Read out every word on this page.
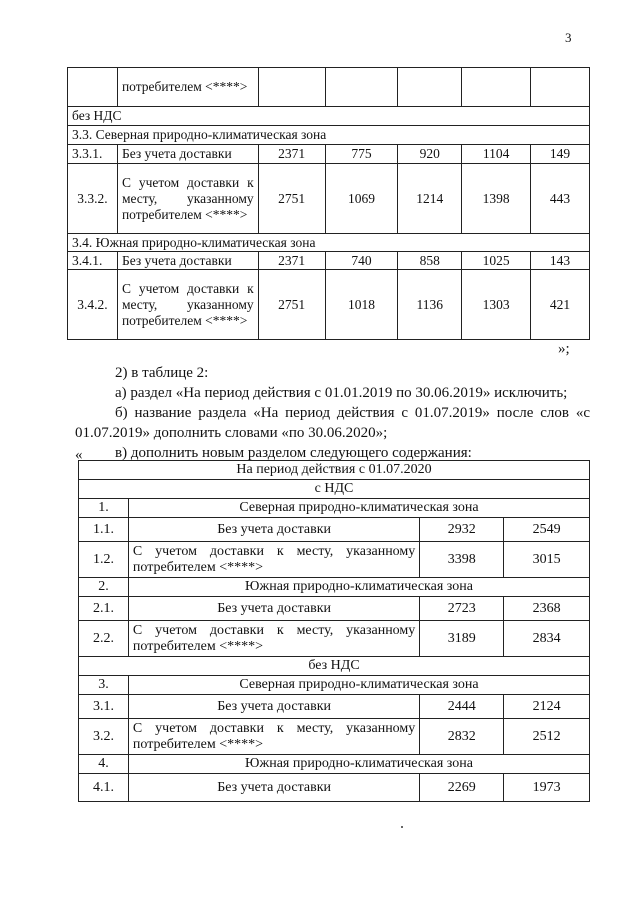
3
	потребителем <****>					
без НДС						
3.3. Северная природно-климатическая зона						
3.3.1.	Без учета доставки	2371	775	920	1104	149
3.3.2.	С учетом доставки к месту, указанному потребителем <****>	2751	1069	1214	1398	443
3.4. Южная природно-климатическая зона						
3.4.1.	Без учета доставки	2371	740	858	1025	143
3.4.2.	С учетом доставки к месту, указанному потребителем <****>	2751	1018	1136	1303	421
»;
2) в таблице 2:
а) раздел «На период действия с 01.01.2019 по 30.06.2019» исключить;
б) название раздела «На период действия с 01.07.2019» после слов «с 01.07.2019» дополнить словами «по 30.06.2020»;
в) дополнить новым разделом следующего содержания:
«
На период действия с 01.07.2020			
с НДС			
1.	Северная природно-климатическая зона		
1.1.	Без учета доставки	2932	2549
1.2.	С учетом доставки к месту, указанному потребителем <****>	3398	3015
2.	Южная природно-климатическая зона		
2.1.	Без учета доставки	2723	2368
2.2.	С учетом доставки к месту, указанному потребителем <****>	3189	2834
без НДС			
3.	Северная природно-климатическая зона		
3.1.	Без учета доставки	2444	2124
3.2.	С учетом доставки к месту, указанному потребителем <****>	2832	2512
4.	Южная природно-климатическая зона		
4.1.	Без учета доставки	2269	1973
